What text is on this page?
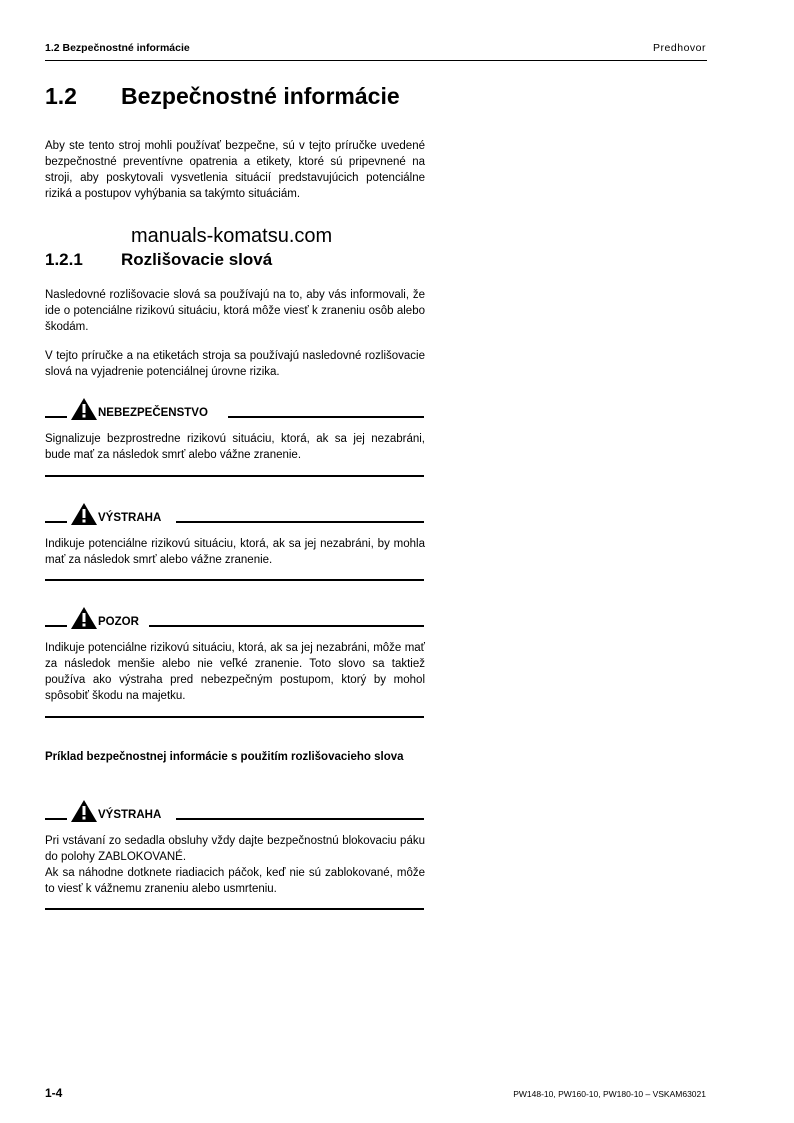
1.2 Bezpečnostné informácie	Predhovor
1.2 Bezpečnostné informácie
Aby ste tento stroj mohli používať bezpečne, sú v tejto príručke uvedené bezpečnostné preventívne opatrenia a etikety, ktoré sú pripevnené na stroji, aby poskytovali vysvetlenia situácií predstavujúcich potenciálne riziká a postupov vyhýbania sa takýmto situáciám.
manuals-komatsu.com
1.2.1 Rozlišovacie slová
Nasledovné rozlišovacie slová sa používajú na to, aby vás informovali, že ide o potenciálne rizikovú situáciu, ktorá môže viesť k zraneniu osôb alebo škodám.
V tejto príručke a na etiketách stroja sa používajú nasledovné rozlišovacie slová na vyjadrenie potenciálnej úrovne rizika.
NEBEZPEČENSTVO
Signalizuje bezprostredne rizikovú situáciu, ktorá, ak sa jej nezabráni, bude mať za následok smrť alebo vážne zranenie.
VÝSTRAHA
Indikuje potenciálne rizikovú situáciu, ktorá, ak sa jej nezabráni, by mohla mať za následok smrť alebo vážne zranenie.
POZOR
Indikuje potenciálne rizikovú situáciu, ktorá, ak sa jej nezabráni, môže mať za následok menšie alebo nie veľké zranenie. Toto slovo sa taktiež používa ako výstraha pred nebezpečným postupom, ktorý by mohol spôsobiť škodu na majetku.
Príklad bezpečnostnej informácie s použitím rozlišovacieho slova
VÝSTRAHA
Pri vstávaní zo sedadla obsluhy vždy dajte bezpečnostnú blokovaciu páku do polohy ZABLOKOVANÉ.
Ak sa náhodne dotknete riadiacich páčok, keď nie sú zablokované, môže to viesť k vážnemu zraneniu alebo usmrteniu.
1-4	PW148-10, PW160-10, PW180-10 – VSKAM63021
